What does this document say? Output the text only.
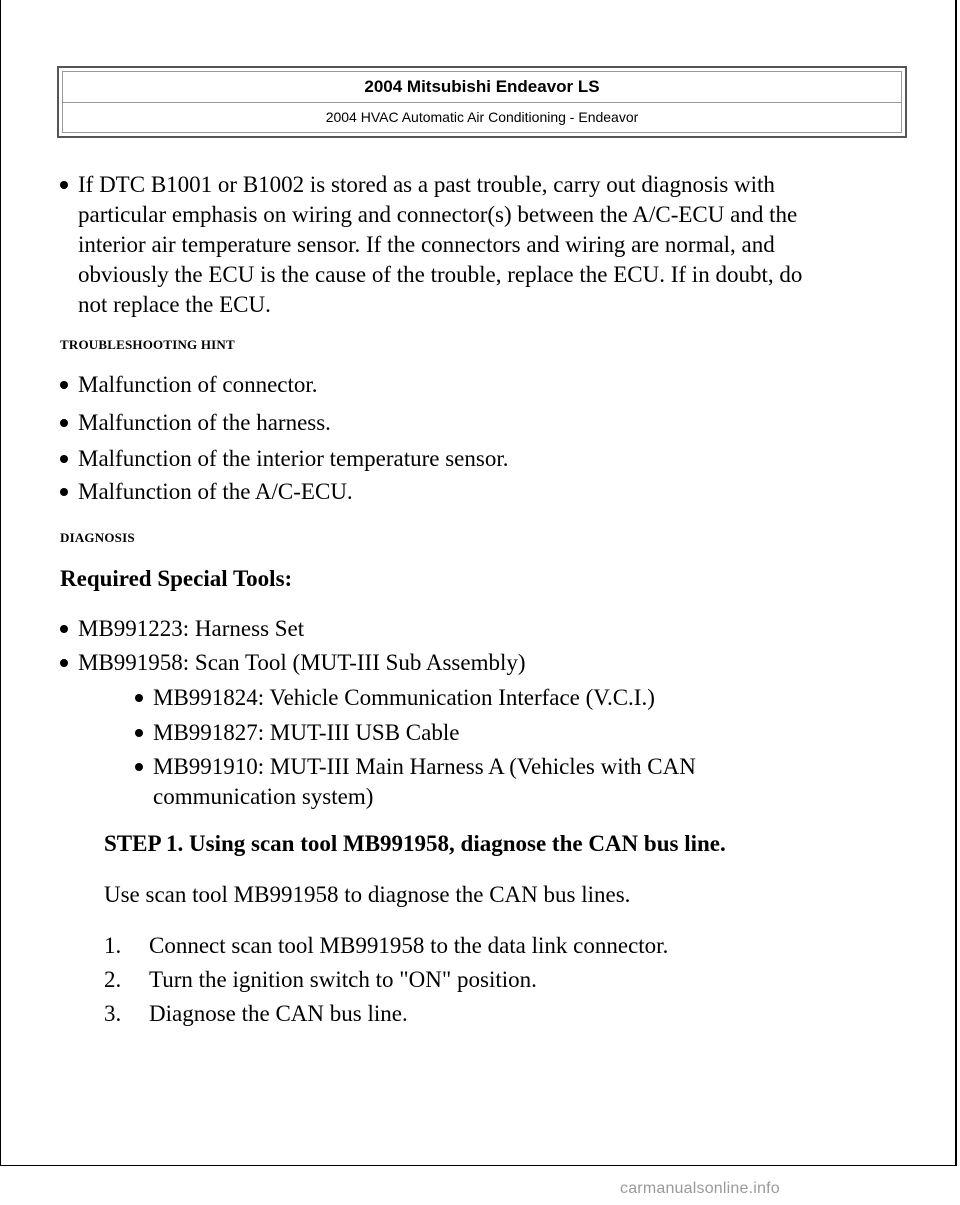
2004 Mitsubishi Endeavor LS
2004 HVAC Automatic Air Conditioning - Endeavor
If DTC B1001 or B1002 is stored as a past trouble, carry out diagnosis with
particular emphasis on wiring and connector(s) between the A/C-ECU and the
interior air temperature sensor. If the connectors and wiring are normal, and
obviously the ECU is the cause of the trouble, replace the ECU. If in doubt, do
not replace the ECU.
TROUBLESHOOTING HINT
Malfunction of connector.
Malfunction of the harness.
Malfunction of the interior temperature sensor.
Malfunction of the A/C-ECU.
DIAGNOSIS
Required Special Tools:
MB991223: Harness Set
MB991958: Scan Tool (MUT-III Sub Assembly)
MB991824: Vehicle Communication Interface (V.C.I.)
MB991827: MUT-III USB Cable
MB991910: MUT-III Main Harness A (Vehicles with CAN
communication system)
STEP 1. Using scan tool MB991958, diagnose the CAN bus line.
Use scan tool MB991958 to diagnose the CAN bus lines.
1. Connect scan tool MB991958 to the data link connector.
2. Turn the ignition switch to "ON" position.
3. Diagnose the CAN bus line.
carmanualsonline.info
